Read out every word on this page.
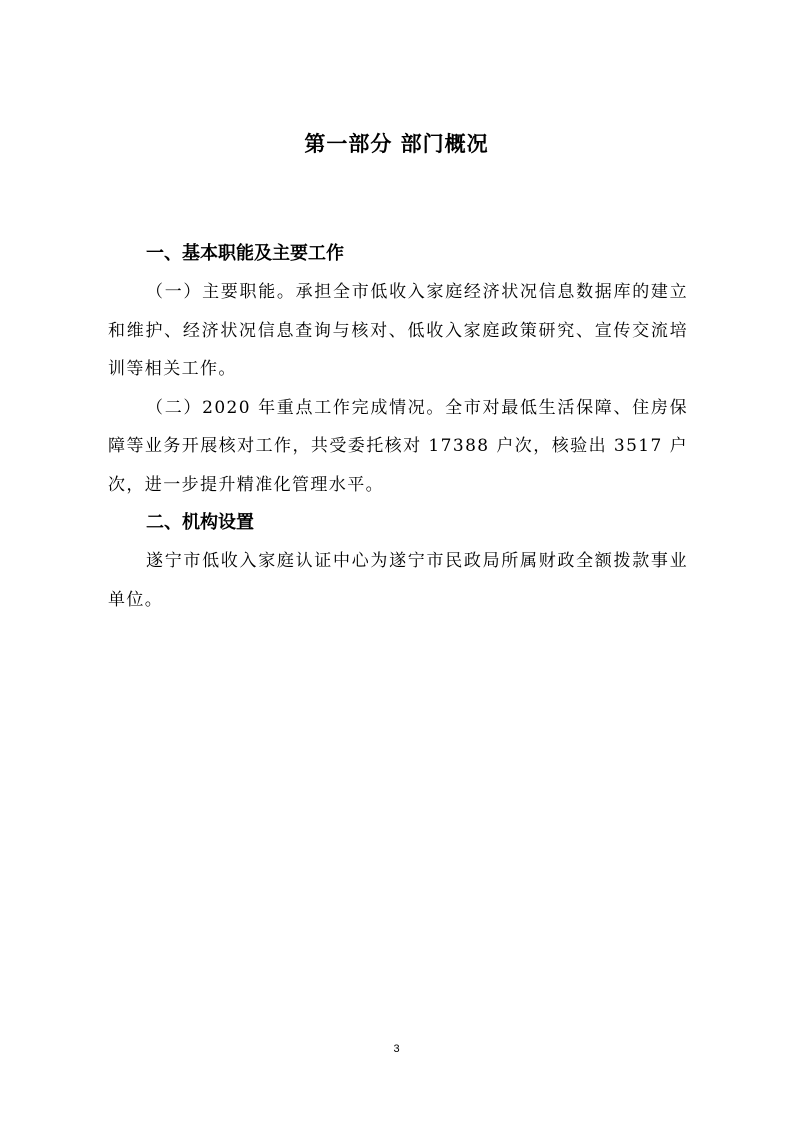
第一部分 部门概况
一、基本职能及主要工作

（一）主要职能。承担全市低收入家庭经济状况信息数据库的建立和维护、经济状况信息查询与核对、低收入家庭政策研究、宣传交流培训等相关工作。

（二）2020 年重点工作完成情况。全市对最低生活保障、住房保障等业务开展核对工作，共受委托核对 17388 户次，核验出 3517 户次，进一步提升精准化管理水平。

二、机构设置

遂宁市低收入家庭认证中心为遂宁市民政局所属财政全额拨款事业单位。

3
